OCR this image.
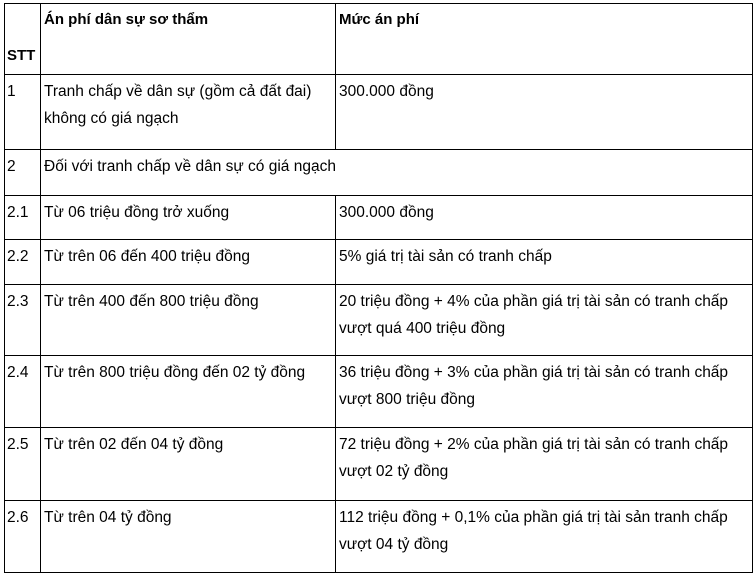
STT	Án phí dân sự sơ thẩm	Mức án phí
1	Tranh chấp về dân sự (gồm cả đất đai) không có giá ngạch	300.000 đồng
2	Đối với tranh chấp về dân sự có giá ngạch	
2.1	Từ 06 triệu đồng trở xuống	300.000 đồng
2.2	Từ trên 06 đến 400 triệu đồng	5% giá trị tài sản có tranh chấp
2.3	Từ trên 400 đến 800 triệu đồng	20 triệu đồng + 4% của phần giá trị tài sản có tranh chấp vượt quá 400 triệu đồng
2.4	Từ trên 800 triệu đồng đến 02 tỷ đồng	36 triệu đồng + 3% của phần giá trị tài sản có tranh chấp vượt 800 triệu đồng
2.5	Từ trên 02 đến 04 tỷ đồng	72 triệu đồng + 2% của phần giá trị tài sản có tranh chấp vượt 02 tỷ đồng
2.6	Từ trên 04 tỷ đồng	112 triệu đồng + 0,1% của phần giá trị tài sản tranh chấp vượt 04 tỷ đồng
